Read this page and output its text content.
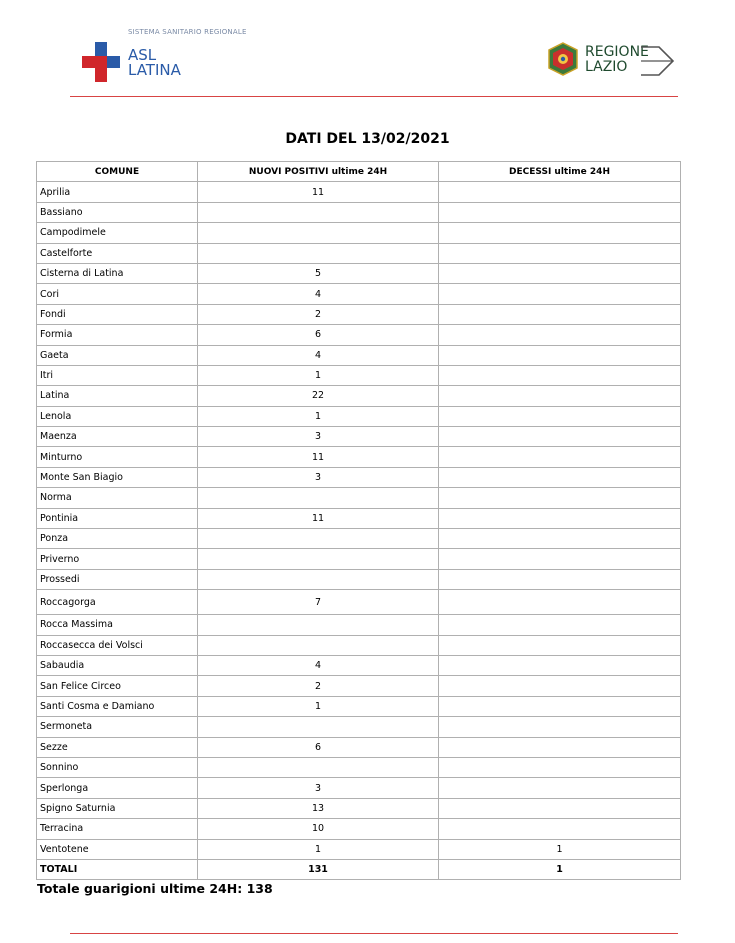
SISTEMA SANITARIO REGIONALE
ASL
LATINA
REGIONE
LAZIO
DATI DEL 13/02/2021
COMUNE	NUOVI POSITIVI ultime 24H	DECESSI ultime 24H
Aprilia	11	
Bassiano		
Campodimele		
Castelforte		
Cisterna di Latina	5	
Cori	4	
Fondi	2	
Formia	6	
Gaeta	4	
Itri	1	
Latina	22	
Lenola	1	
Maenza	3	
Minturno	11	
Monte San Biagio	3	
Norma		
Pontinia	11	
Ponza		
Priverno		
Prossedi		
Roccagorga	7	
Rocca Massima		
Roccasecca dei Volsci		
Sabaudia	4	
San Felice Circeo	2	
Santi Cosma e Damiano	1	
Sermoneta		
Sezze	6	
Sonnino		
Sperlonga	3	
Spigno Saturnia	13	
Terracina	10	
Ventotene	1	1
TOTALI	131	1
Totale guarigioni ultime 24H: 138
